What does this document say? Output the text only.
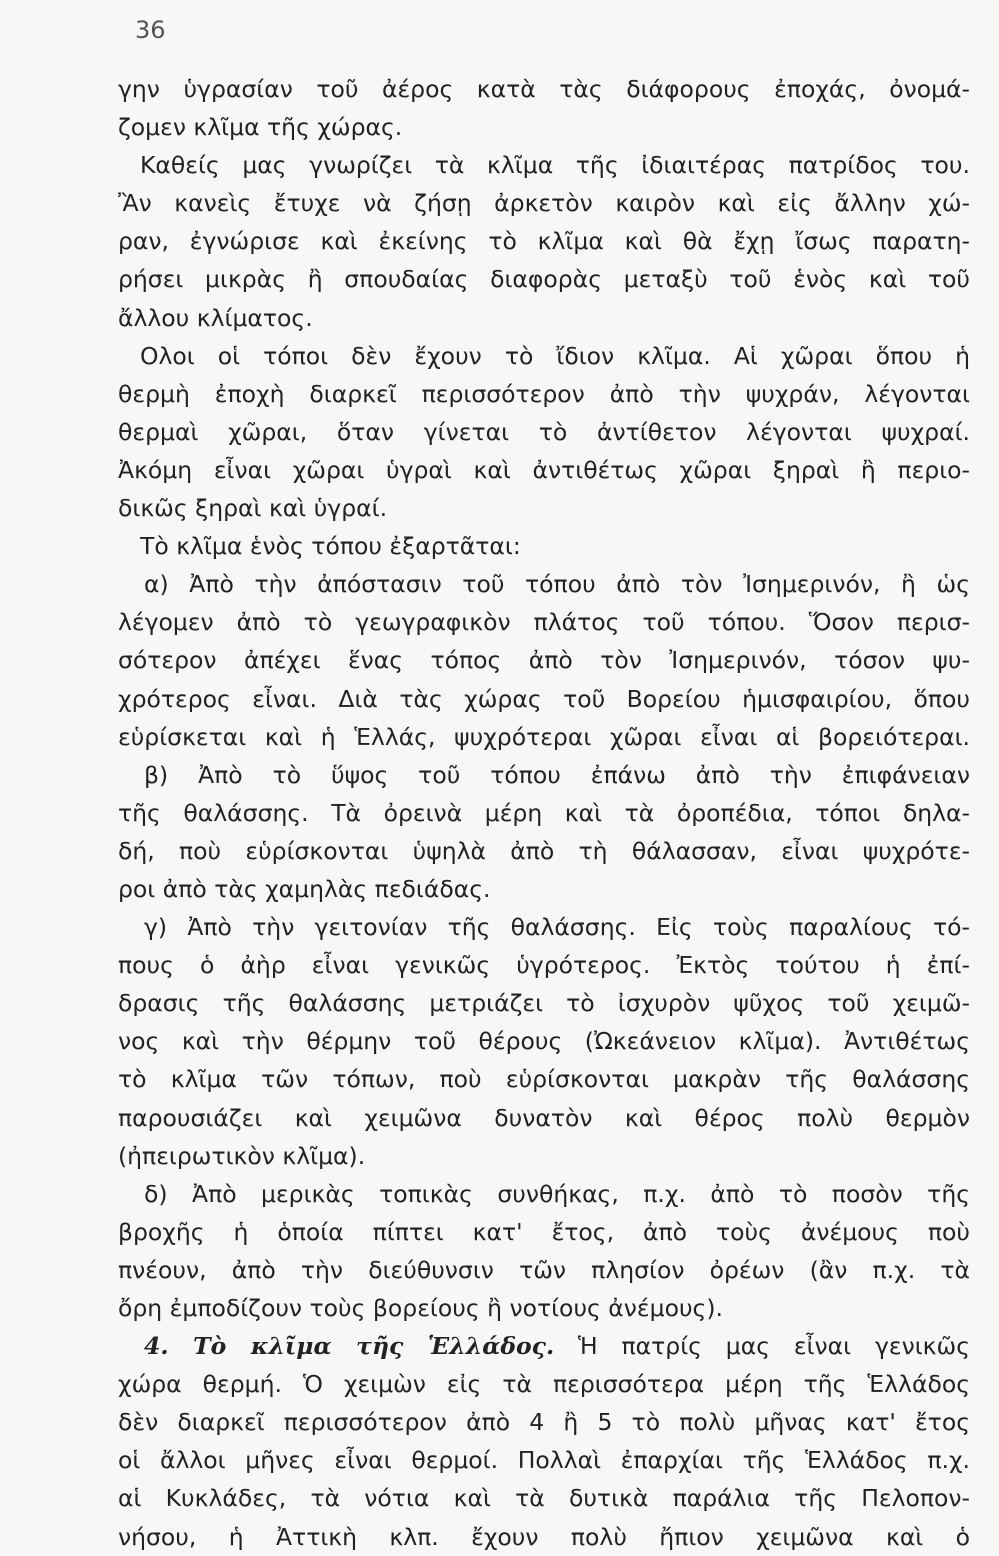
36
γην ὑγρασίαν τοῦ ἀέρος κατὰ τὰς διάφορους ἐποχάς, ὀνομά-
ζομεν κλῖμα τῆς χώρας.
Καθείς μας γνωρίζει τὰ κλῖμα τῆς ἰδιαιτέρας πατρίδος του.
Ἂν κανεὶς ἔτυχε νὰ ζήσῃ ἀρκετὸν καιρὸν καὶ εἰς ἄλλην χώ-
ραν, ἐγνώρισε καὶ ἐκείνης τὸ κλῖμα καὶ θὰ ἔχῃ ἴσως παρατη-
ρήσει μικρὰς ἢ σπουδαίας διαφορὰς μεταξὺ τοῦ ἑνὸς καὶ τοῦ
ἄλλου κλίματος.
Ολοι οἱ τόποι δὲν ἔχουν τὸ ἴδιον κλῖμα. Αἱ χῶραι ὅπου ἡ
θερμὴ ἐποχὴ διαρκεῖ περισσότερον ἀπὸ τὴν ψυχράν, λέγονται
θερμαὶ χῶραι, ὅταν γίνεται τὸ ἀντίθετον λέγονται ψυχραί.
Ἀκόμη εἶναι χῶραι ὑγραὶ καὶ ἀντιθέτως χῶραι ξηραὶ ἢ περιο-
δικῶς ξηραὶ καὶ ὑγραί.
Τὸ κλῖμα ἑνὸς τόπου ἐξαρτᾶται:
α) Ἀπὸ τὴν ἀπόστασιν τοῦ τόπου ἀπὸ τὸν Ἰσημερινόν, ἢ ὡς
λέγομεν ἀπὸ τὸ γεωγραφικὸν πλάτος τοῦ τόπου. Ὅσον περισ-
σότερον ἀπέχει ἕνας τόπος ἀπὸ τὸν Ἰσημερινόν, τόσον ψυ-
χρότερος εἶναι. Διὰ τὰς χώρας τοῦ Βορείου ἡμισφαιρίου, ὅπου
εὑρίσκεται καὶ ἡ Ἑλλάς, ψυχρότεραι χῶραι εἶναι αἱ βορειότεραι.
β) Ἀπὸ τὸ ὕψος τοῦ τόπου ἐπάνω ἀπὸ τὴν ἐπιφάνειαν
τῆς θαλάσσης. Τὰ ὀρεινὰ μέρη καὶ τὰ ὀροπέδια, τόποι δηλα-
δή, ποὺ εὑρίσκονται ὑψηλὰ ἀπὸ τὴ θάλασσαν, εἶναι ψυχρότε-
ροι ἀπὸ τὰς χαμηλὰς πεδιάδας.
γ) Ἀπὸ τὴν γειτονίαν τῆς θαλάσσης. Εἰς τοὺς παραλίους τό-
πους ὁ ἀὴρ εἶναι γενικῶς ὑγρότερος. Ἐκτὸς τούτου ἡ ἐπί-
δρασις τῆς θαλάσσης μετριάζει τὸ ἰσχυρὸν ψῦχος τοῦ χειμῶ-
νος καὶ τὴν θέρμην τοῦ θέρους (Ὠκεάνειον κλῖμα). Ἀντιθέτως
τὸ κλῖμα τῶν τόπων, ποὺ εὑρίσκονται μακρὰν τῆς θαλάσσης
παρουσιάζει καὶ χειμῶνα δυνατὸν καὶ θέρος πολὺ θερμὸν
(ἠπειρωτικὸν κλῖμα).
δ) Ἀπὸ μερικὰς τοπικὰς συνθήκας, π.χ. ἀπὸ τὸ ποσὸν τῆς
βροχῆς ἡ ὁποία πίπτει κατ' ἔτος, ἀπὸ τοὺς ἀνέμους ποὺ
πνέουν, ἀπὸ τὴν διεύθυνσιν τῶν πλησίον ὀρέων (ἂν π.χ. τὰ
ὄρη ἐμποδίζουν τοὺς βορείους ἢ νοτίους ἀνέμους).
4. Τὸ κλῖμα τῆς Ἑλλάδος. Ἡ πατρίς μας εἶναι γενικῶς
χώρα θερμή. Ὁ χειμὼν εἰς τὰ περισσότερα μέρη τῆς Ἑλλάδος
δὲν διαρκεῖ περισσότερον ἀπὸ 4 ἢ 5 τὸ πολὺ μῆνας κατ' ἔτος
οἱ ἄλλοι μῆνες εἶναι θερμοί. Πολλαὶ ἐπαρχίαι τῆς Ἑλλάδος π.χ.
αἱ Κυκλάδες, τὰ νότια καὶ τὰ δυτικὰ παράλια τῆς Πελοπον-
νήσου, ἡ Ἀττικὴ κλπ. ἔχουν πολὺ ἤπιον χειμῶνα καὶ ὁ
